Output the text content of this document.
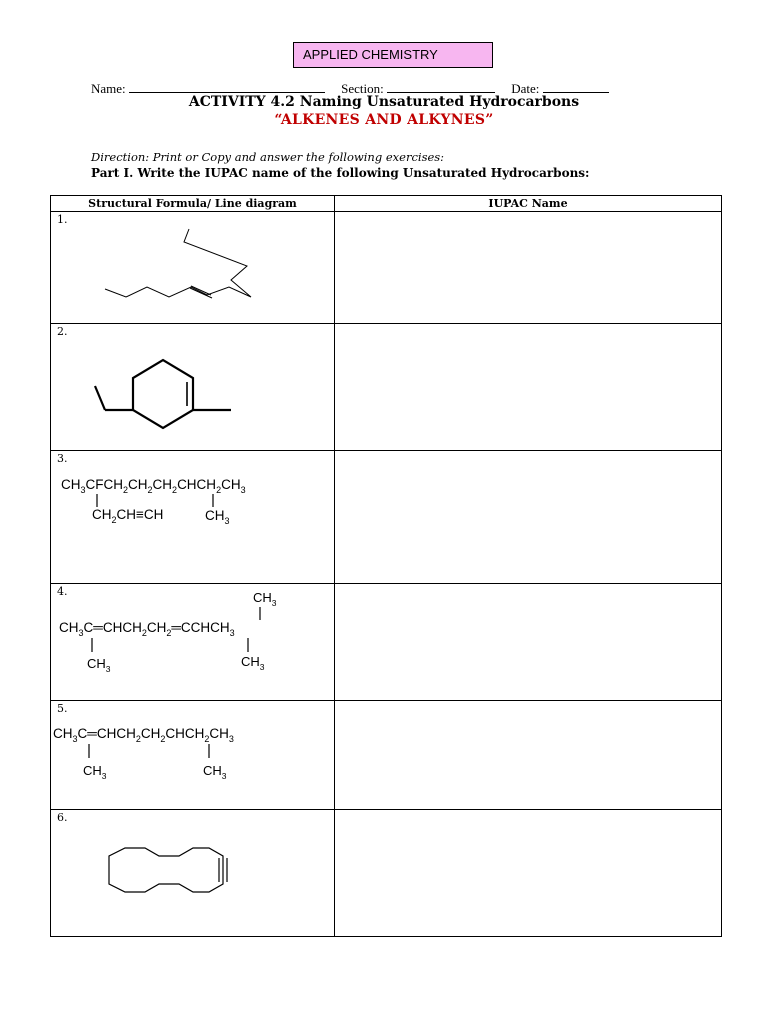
APPLIED CHEMISTRY
Name:	Section:	Date:
ACTIVITY 4.2 Naming Unsaturated Hydrocarbons
“ALKENES AND ALKYNES”
Direction: Print or Copy and answer the following exercises:
Part I. Write the IUPAC name of the following Unsaturated Hydrocarbons:
Structural Formula/ Line diagram	IUPAC Name

1.	

2.	

3.
$CH_3CFCH_2CH_2CH_2CHCH_2CH_3$
$CH_2CH\equiv CH$ $CH_3$

4. $CH_3$
$CH_3C═CHCH_2CH_2═CCHCH_3$
$CH_3$ $CH_3$

5.
$CH_3C═CHCH_2CH_2CHCH_2CH_3$
$CH_3$ $CH_3$

6.	
